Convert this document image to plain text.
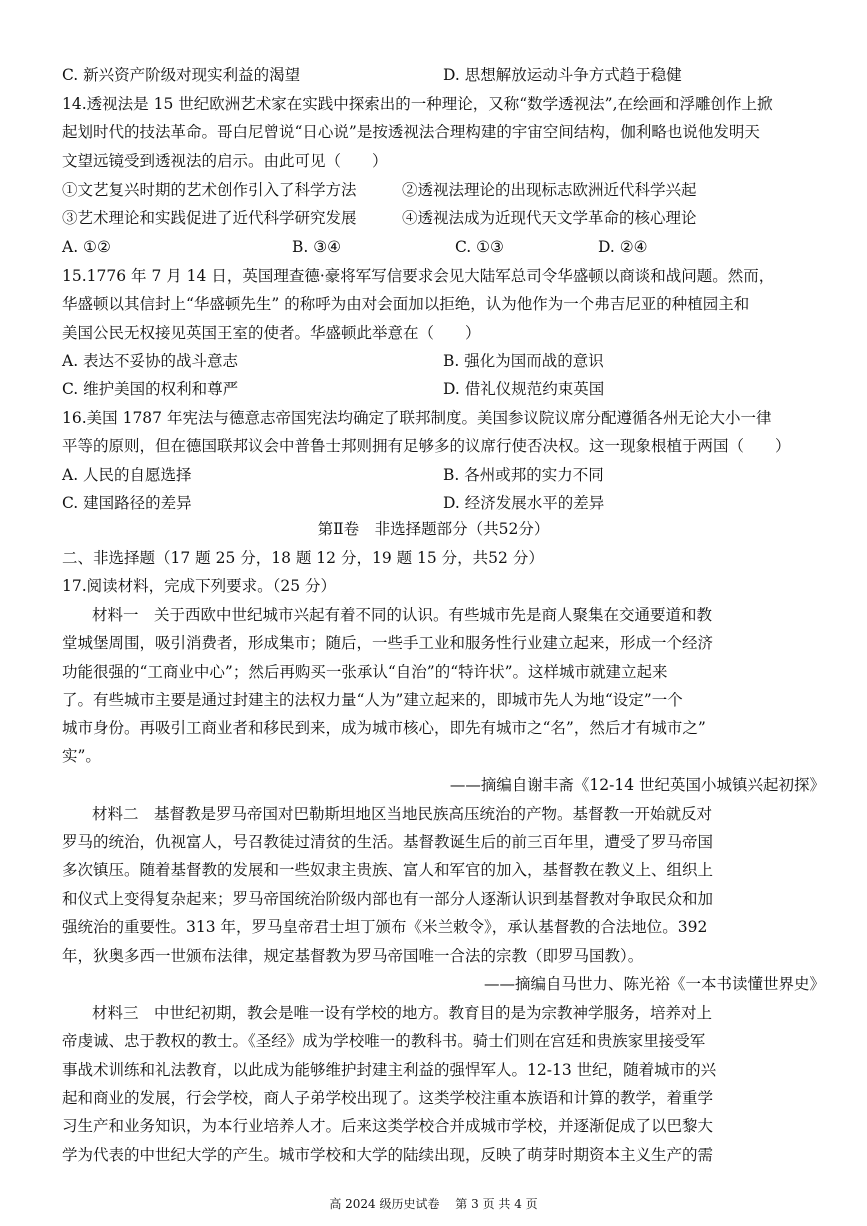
C. 新兴资产阶级对现实利益的渴望	D. 思想解放运动斗争方式趋于稳健
14.透视法是 15 世纪欧洲艺术家在实践中探索出的一种理论，又称“数学透视法”,在绘画和浮雕创作上掀
起划时代的技法革命。哥白尼曾说“日心说”是按透视法合理构建的宇宙空间结构，伽利略也说他发明天
文望远镜受到透视法的启示。由此可见（　　）
①文艺复兴时期的艺术创作引入了科学方法	②透视法理论的出现标志欧洲近代科学兴起
③艺术理论和实践促进了近代科学研究发展	④透视法成为近现代天文学革命的核心理论
A. ①②	B. ③④	C. ①③	D. ②④
15.1776 年 7 月 14 日，英国理查德·豪将军写信要求会见大陆军总司令华盛顿以商谈和战问题。然而，
华盛顿以其信封上“华盛顿先生” 的称呼为由对会面加以拒绝，认为他作为一个弗吉尼亚的种植园主和
美国公民无权接见英国王室的使者。华盛顿此举意在（　　）
A. 表达不妥协的战斗意志	B. 强化为国而战的意识
C. 维护美国的权利和尊严	D. 借礼仪规范约束英国
16.美国 1787 年宪法与德意志帝国宪法均确定了联邦制度。美国参议院议席分配遵循各州无论大小一律
平等的原则，但在德国联邦议会中普鲁士邦则拥有足够多的议席行使否决权。这一现象根植于两国（　　）
A. 人民的自愿选择	B. 各州或邦的实力不同
C. 建国路径的差异	D. 经济发展水平的差异
第Ⅱ卷　非选择题部分（共52分）
二、非选择题（17 题 25 分，18 题 12 分，19 题 15 分，共52 分）
17.阅读材料，完成下列要求。（25 分）
材料一　关于西欧中世纪城市兴起有着不同的认识。有些城市先是商人聚集在交通要道和教
堂城堡周围，吸引消费者，形成集市；随后，一些手工业和服务性行业建立起来，形成一个经济
功能很强的“工商业中心”；然后再购买一张承认“自治”的“特许状”。这样城市就建立起来
了。有些城市主要是通过封建主的法权力量“人为”建立起来的，即城市先人为地“设定”一个
城市身份。再吸引工商业者和移民到来，成为城市核心，即先有城市之“名”，然后才有城市之”
实”。
——摘编自谢丰斋《12-14 世纪英国小城镇兴起初探》
材料二　基督教是罗马帝国对巴勒斯坦地区当地民族高压统治的产物。基督教一开始就反对
罗马的统治，仇视富人，号召教徒过清贫的生活。基督教诞生后的前三百年里，遭受了罗马帝国
多次镇压。随着基督教的发展和一些奴隶主贵族、富人和军官的加入，基督教在教义上、组织上
和仪式上变得复杂起来；罗马帝国统治阶级内部也有一部分人逐渐认识到基督教对争取民众和加
强统治的重要性。313 年，罗马皇帝君士坦丁颁布《米兰敕令》，承认基督教的合法地位。392
年，狄奥多西一世颁布法律，规定基督教为罗马帝国唯一合法的宗教（即罗马国教）。
——摘编自马世力、陈光裕《一本书读懂世界史》
材料三　中世纪初期，教会是唯一设有学校的地方。教育目的是为宗教神学服务，培养对上
帝虔诚、忠于教权的教士。《圣经》成为学校唯一的教科书。骑士们则在宫廷和贵族家里接受军
事战术训练和礼法教育，以此成为能够维护封建主利益的强悍军人。12-13 世纪，随着城市的兴
起和商业的发展，行会学校，商人子弟学校出现了。这类学校注重本族语和计算的教学，着重学
习生产和业务知识，为本行业培养人才。后来这类学校合并成城市学校，并逐渐促成了以巴黎大
学为代表的中世纪大学的产生。城市学校和大学的陆续出现，反映了萌芽时期资本主义生产的需
高 2024 级历史试卷　 第 3 页 共 4 页
